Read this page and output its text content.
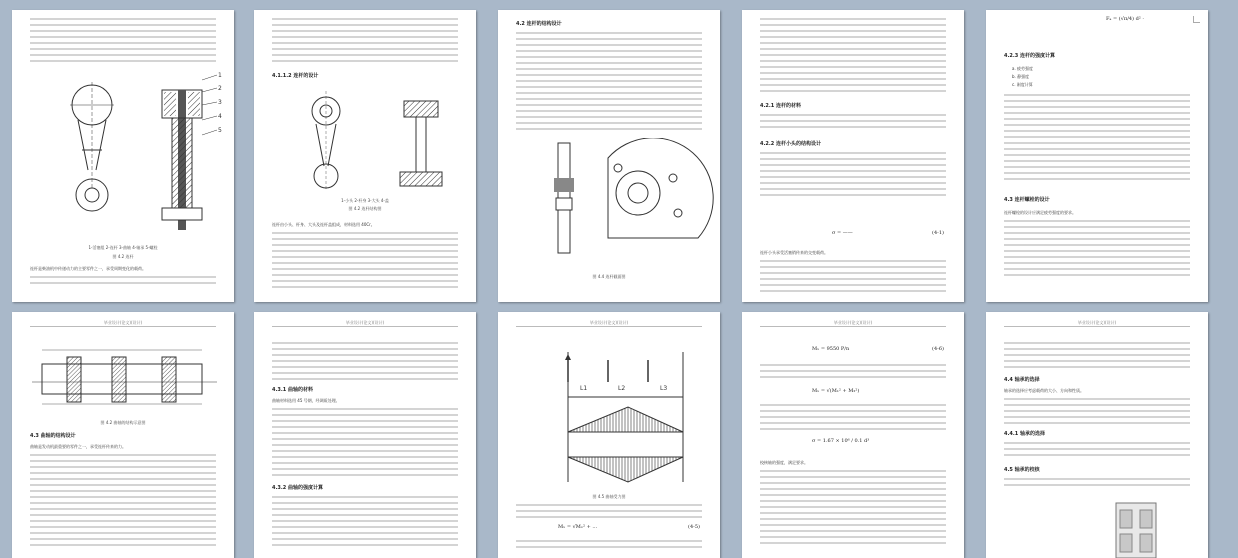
1
2
3
4
5
1-活塞组 2-连杆 3-曲轴 4-轴承 5-螺栓
图 4.2 连杆
连杆是柴油机中传递动力的主要零件之一，承受周期变化的载荷。
4.1.1.2 连杆的设计
1-小头 2-杆身 3-大头 4-盖
图 4.2 连杆结构图
连杆由小头、杆身、大头及连杆盖组成，材料选用 40Cr。
4.2 连杆的结构设计
图 4.4 连杆截面图
4.2.1 连杆的材料
4.2.2 连杆小头的结构设计
σ = ——	(4-1)
连杆小头承受活塞销传来的交变载荷。
Fₐ = (√π/4) d² ·
4.2.3 连杆的强度计算
a. 疲劳强度
b. 静强度
c. 刚度计算
4.3 连杆螺栓的设计
连杆螺栓的设计应满足疲劳强度的要求。
毕业设计(论文)(设计)
图 4.2 曲轴的结构示意图
4.3 曲轴的结构设计
曲轴是发动机最重要的零件之一，承受连杆传来的力。
毕业设计(论文)(设计)
4.3.1 曲轴的材料
曲轴材料选用 45 号钢，经调质处理。
4.3.2 曲轴的强度计算
毕业设计(论文)(设计)
L1	L2	L3
图 4.5 曲轴受力图
Mₓ = √Mₓ² + ...	(4-5)
毕业设计(论文)(设计)
Mₓ = 9550 P/n	(4-6)
Mₓ = √(M₁² + M₂²)
σ = 1.67 × 10⁶ / 0.1 d³
校核轴的强度，满足要求。
毕业设计(论文)(设计)
4.4 轴承的选择
轴承的选择应考虑载荷的大小、方向和性质。
4.4.1 轴承的选择
4.5 轴承的校核
